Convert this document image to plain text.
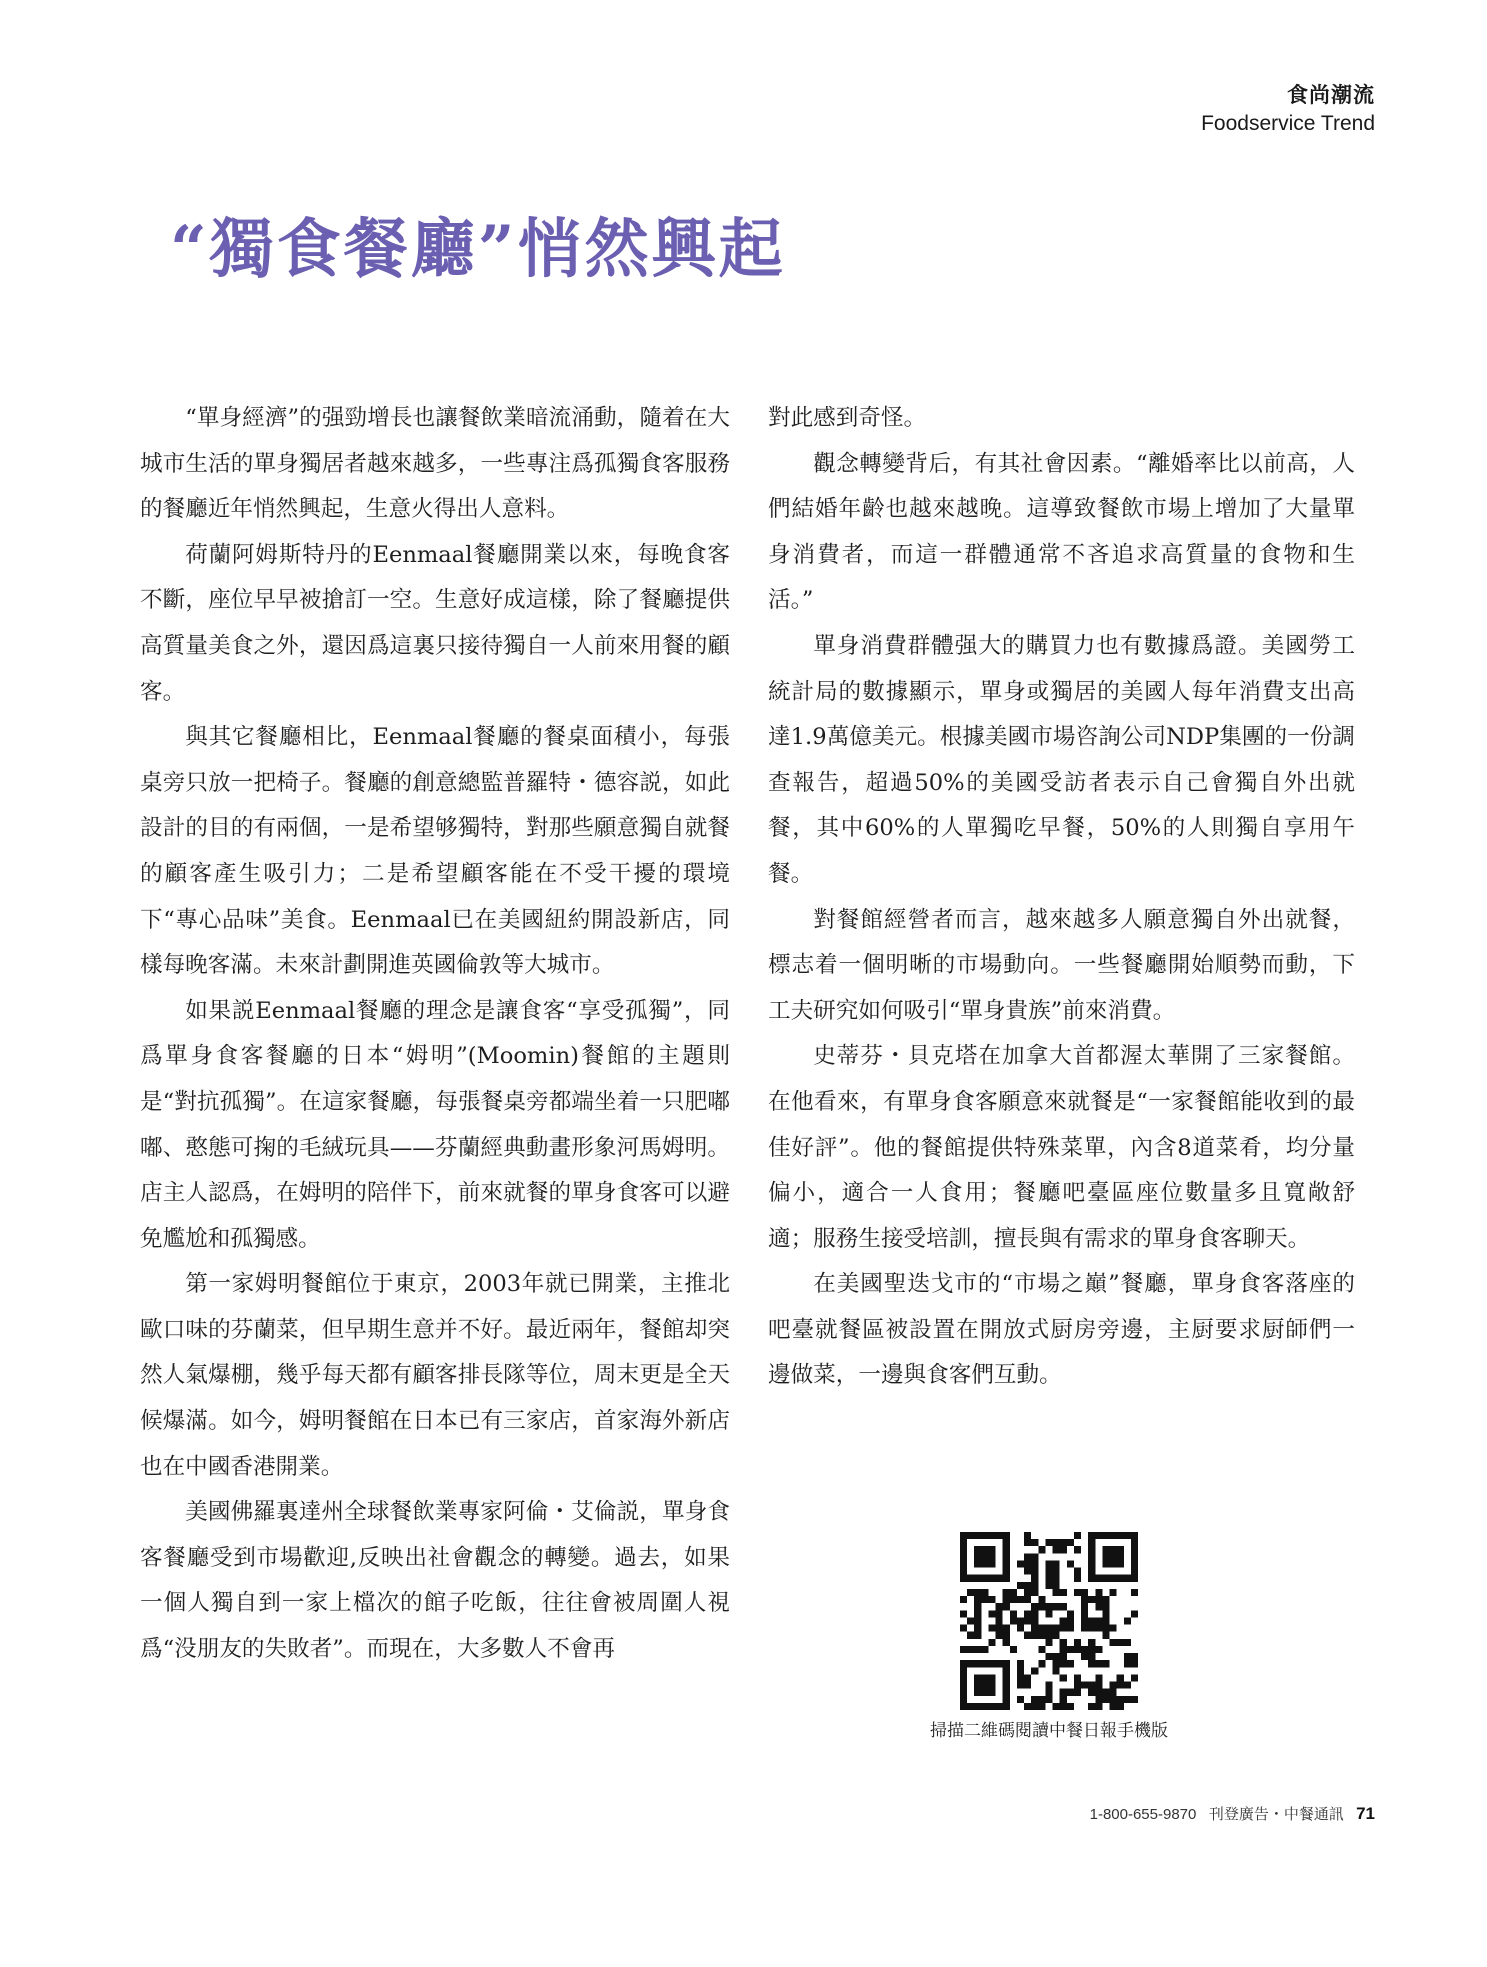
食尚潮流
Foodservice Trend
“獨食餐廳”悄然興起

“單身經濟”的强勁增長也讓餐飲業暗流涌動，隨着在大城市生活的單身獨居者越來越多，一些專注爲孤獨食客服務的餐廳近年悄然興起，生意火得出人意料。

荷蘭阿姆斯特丹的Eenmaal餐廳開業以來，每晚食客不斷，座位早早被搶訂一空。生意好成這樣，除了餐廳提供高質量美食之外，還因爲這裏只接待獨自一人前來用餐的顧客。

與其它餐廳相比，Eenmaal餐廳的餐桌面積小，每張桌旁只放一把椅子。餐廳的創意總監普羅特・德容説，如此設計的目的有兩個，一是希望够獨特，對那些願意獨自就餐的顧客產生吸引力；二是希望顧客能在不受干擾的環境下“專心品味”美食。Eenmaal已在美國紐約開設新店，同樣每晚客滿。未來計劃開進英國倫敦等大城市。

如果説Eenmaal餐廳的理念是讓食客“享受孤獨”，同爲單身食客餐廳的日本“姆明”(Moomin)餐館的主題則是“對抗孤獨”。在這家餐廳，每張餐桌旁都端坐着一只肥嘟嘟、憨態可掬的毛絨玩具——芬蘭經典動畫形象河馬姆明。店主人認爲，在姆明的陪伴下，前來就餐的單身食客可以避免尷尬和孤獨感。

第一家姆明餐館位于東京，2003年就已開業，主推北歐口味的芬蘭菜，但早期生意并不好。最近兩年，餐館却突然人氣爆棚，幾乎每天都有顧客排長隊等位，周末更是全天候爆滿。如今，姆明餐館在日本已有三家店，首家海外新店也在中國香港開業。

美國佛羅裏達州全球餐飲業專家阿倫・艾倫説，單身食客餐廳受到市場歡迎,反映出社會觀念的轉變。過去，如果一個人獨自到一家上檔次的館子吃飯，往往會被周圍人視爲“没朋友的失敗者”。而現在，大多數人不會再

對此感到奇怪。

觀念轉變背后，有其社會因素。“離婚率比以前高，人們結婚年齡也越來越晚。這導致餐飲市場上增加了大量單身消費者，而這一群體通常不吝追求高質量的食物和生活。”

單身消費群體强大的購買力也有數據爲證。美國勞工統計局的數據顯示，單身或獨居的美國人每年消費支出高達1.9萬億美元。根據美國市場咨詢公司NDP集團的一份調查報告，超過50%的美國受訪者表示自己會獨自外出就餐，其中60%的人單獨吃早餐，50%的人則獨自享用午餐。

對餐館經營者而言，越來越多人願意獨自外出就餐，標志着一個明晰的市場動向。一些餐廳開始順勢而動，下工夫研究如何吸引“單身貴族”前來消費。

史蒂芬・貝克塔在加拿大首都渥太華開了三家餐館。在他看來，有單身食客願意來就餐是“一家餐館能收到的最佳好評”。他的餐館提供特殊菜單，內含8道菜肴，均分量偏小，適合一人食用；餐廳吧臺區座位數量多且寬敞舒適；服務生接受培訓，擅長與有需求的單身食客聊天。

在美國聖迭戈市的“市場之巔”餐廳，單身食客落座的吧臺就餐區被設置在開放式厨房旁邊，主厨要求厨師們一邊做菜，一邊與食客們互動。

掃描二維碼閱讀中餐日報手機版
1-800-655-9870 刊登廣告・中餐通訊 71
